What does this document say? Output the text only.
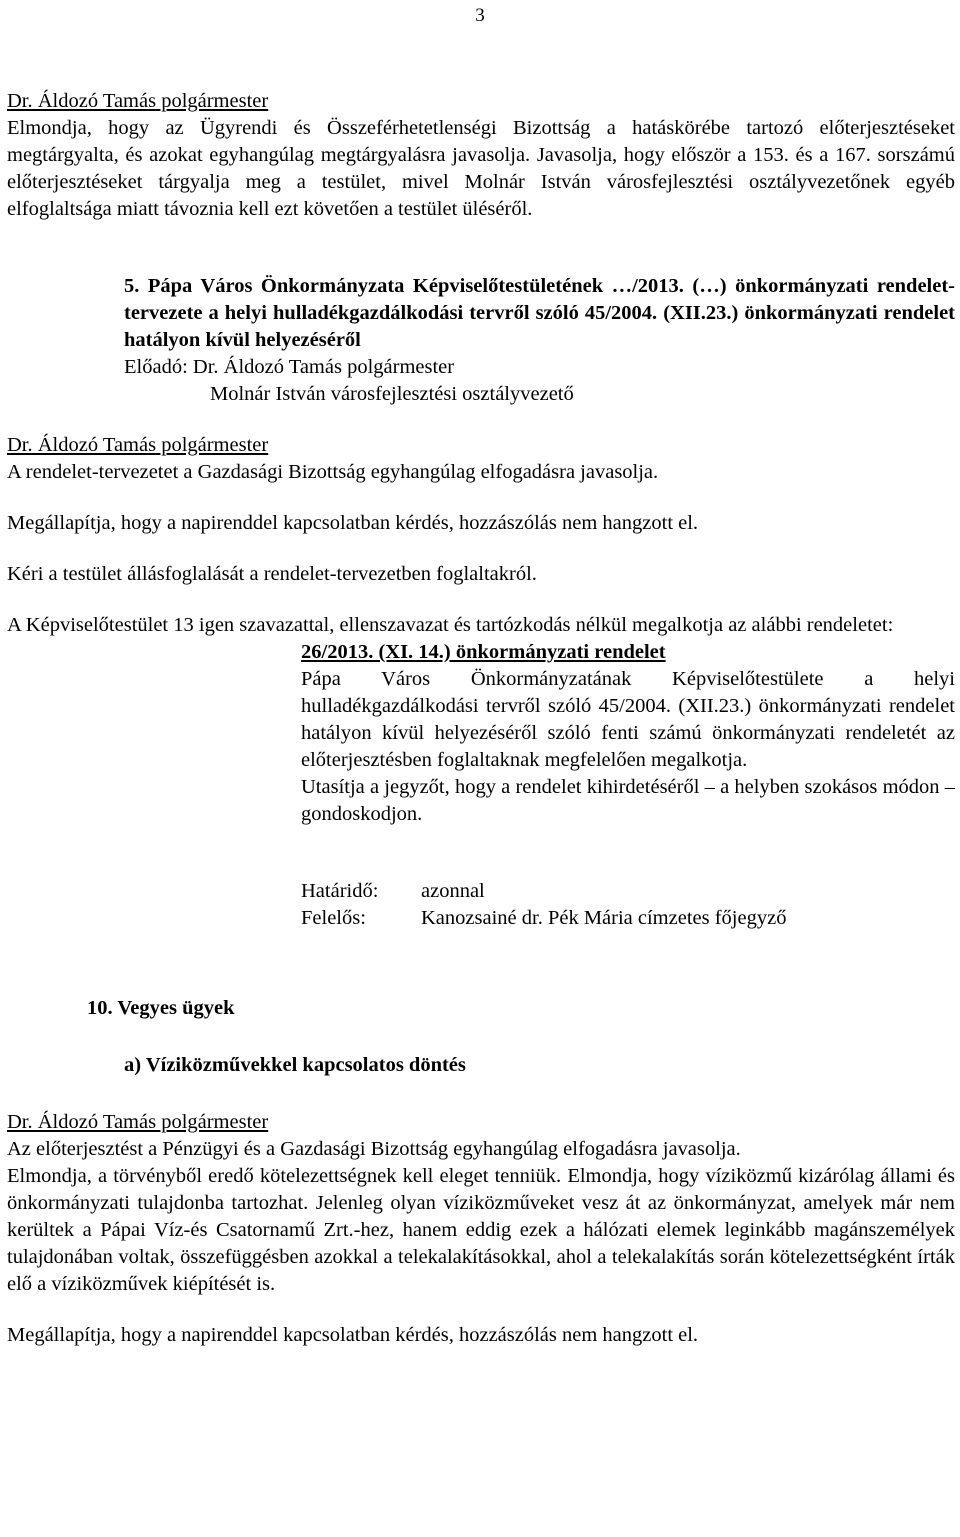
3

Dr. Áldozó Tamás polgármester

Elmondja, hogy az Ügyrendi és Összeférhetetlenségi Bizottság a hatáskörébe tartozó előterjesztéseket megtárgyalta, és azokat egyhangúlag megtárgyalásra javasolja. Javasolja, hogy először a 153. és a 167. sorszámú előterjesztéseket tárgyalja meg a testület, mivel Molnár István városfejlesztési osztályvezetőnek egyéb elfoglaltsága miatt távoznia kell ezt követően a testület üléséről.

5. Pápa Város Önkormányzata Képviselőtestületének …/2013. (…) önkormányzati rendelet-tervezete a helyi hulladékgazdálkodási tervről szóló 45/2004. (XII.23.) önkormányzati rendelet hatályon kívül helyezéséről

Előadó: Dr. Áldozó Tamás polgármester

Molnár István városfejlesztési osztályvezető

Dr. Áldozó Tamás polgármester

A rendelet-tervezetet a Gazdasági Bizottság egyhangúlag elfogadásra javasolja.

Megállapítja, hogy a napirenddel kapcsolatban kérdés, hozzászólás nem hangzott el.

Kéri a testület állásfoglalását a rendelet-tervezetben foglaltakról.

A Képviselőtestület 13 igen szavazattal, ellenszavazat és tartózkodás nélkül megalkotja az alábbi rendeletet:

26/2013. (XI. 14.) önkormányzati rendelet

Pápa Város Önkormányzatának Képviselőtestülete a helyi hulladékgazdálkodási tervről szóló 45/2004. (XII.23.) önkormányzati rendelet hatályon kívül helyezéséről szóló fenti számú önkormányzati rendeletét az előterjesztésben foglaltaknak megfelelően megalkotja.

Utasítja a jegyzőt, hogy a rendelet kihirdetéséről – a helyben szokásos módon – gondoskodjon.

Határidő:	azonnal
Felelős:	Kanozsainé dr. Pék Mária címzetes főjegyző

10. Vegyes ügyek

a) Víziközművekkel kapcsolatos döntés

Dr. Áldozó Tamás polgármester

Az előterjesztést a Pénzügyi és a Gazdasági Bizottság egyhangúlag elfogadásra javasolja.

Elmondja, a törvényből eredő kötelezettségnek kell eleget tenniük. Elmondja, hogy víziközmű kizárólag állami és önkormányzati tulajdonba tartozhat. Jelenleg olyan víziközműveket vesz át az önkormányzat, amelyek már nem kerültek a Pápai Víz-és Csatornamű Zrt.-hez, hanem eddig ezek a hálózati elemek leginkább magánszemélyek tulajdonában voltak, összefüggésben azokkal a telekalakításokkal, ahol a telekalakítás során kötelezettségként írták elő a víziközművek kiépítését is.

Megállapítja, hogy a napirenddel kapcsolatban kérdés, hozzászólás nem hangzott el.
